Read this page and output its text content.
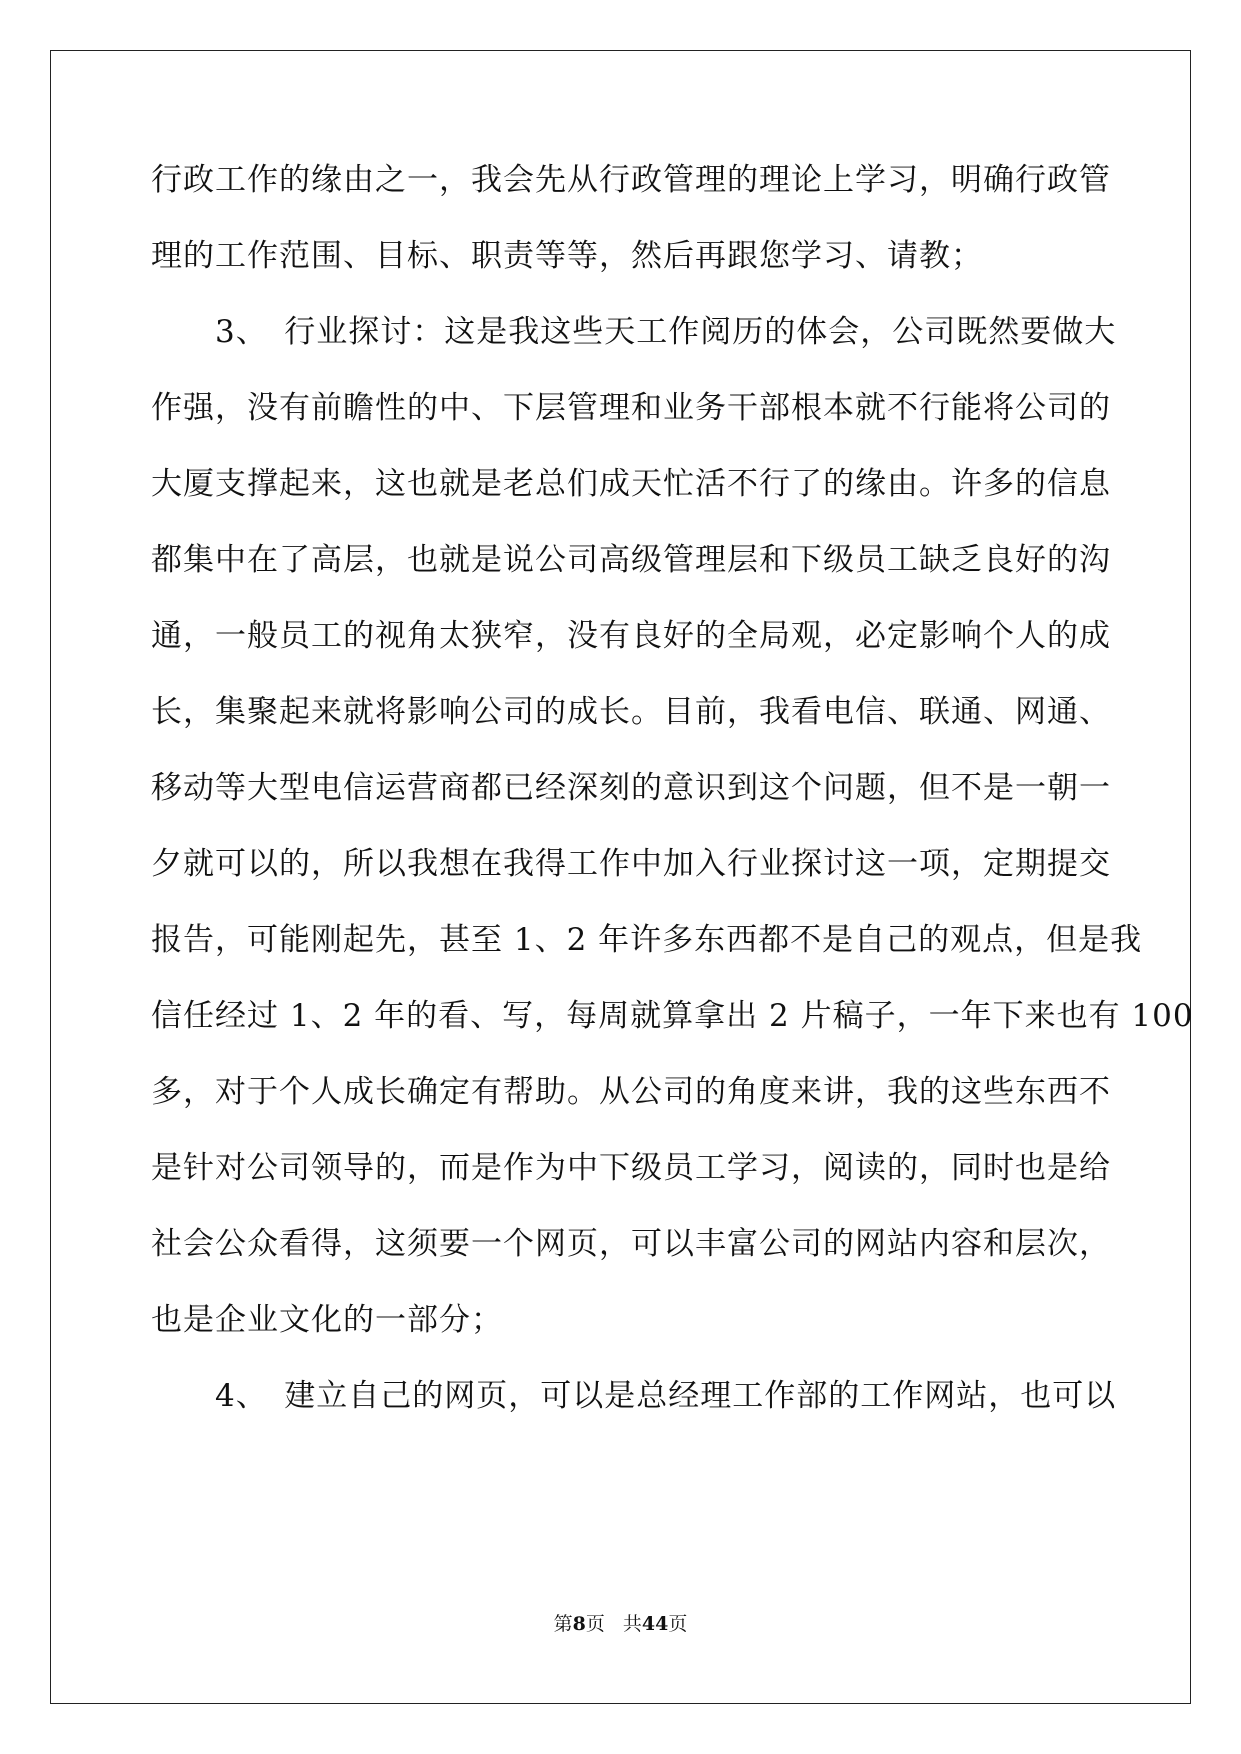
行政工作的缘由之一，我会先从行政管理的理论上学习，明确行政管
理的工作范围、目标、职责等等，然后再跟您学习、请教；
　　3、　行业探讨：这是我这些天工作阅历的体会，公司既然要做大
作强，没有前瞻性的中、下层管理和业务干部根本就不行能将公司的
大厦支撑起来，这也就是老总们成天忙活不行了的缘由。许多的信息
都集中在了高层，也就是说公司高级管理层和下级员工缺乏良好的沟
通，一般员工的视角太狭窄，没有良好的全局观，必定影响个人的成
长，集聚起来就将影响公司的成长。目前，我看电信、联通、网通、
移动等大型电信运营商都已经深刻的意识到这个问题，但不是一朝一
夕就可以的，所以我想在我得工作中加入行业探讨这一项，定期提交
报告，可能刚起先，甚至 1、2 年许多东西都不是自己的观点，但是我
信任经过 1、2 年的看、写，每周就算拿出 2 片稿子，一年下来也有 100
多，对于个人成长确定有帮助。从公司的角度来讲，我的这些东西不
是针对公司领导的，而是作为中下级员工学习，阅读的，同时也是给
社会公众看得，这须要一个网页，可以丰富公司的网站内容和层次，
也是企业文化的一部分；
　　4、　建立自己的网页，可以是总经理工作部的工作网站，也可以
第8页 共44页
